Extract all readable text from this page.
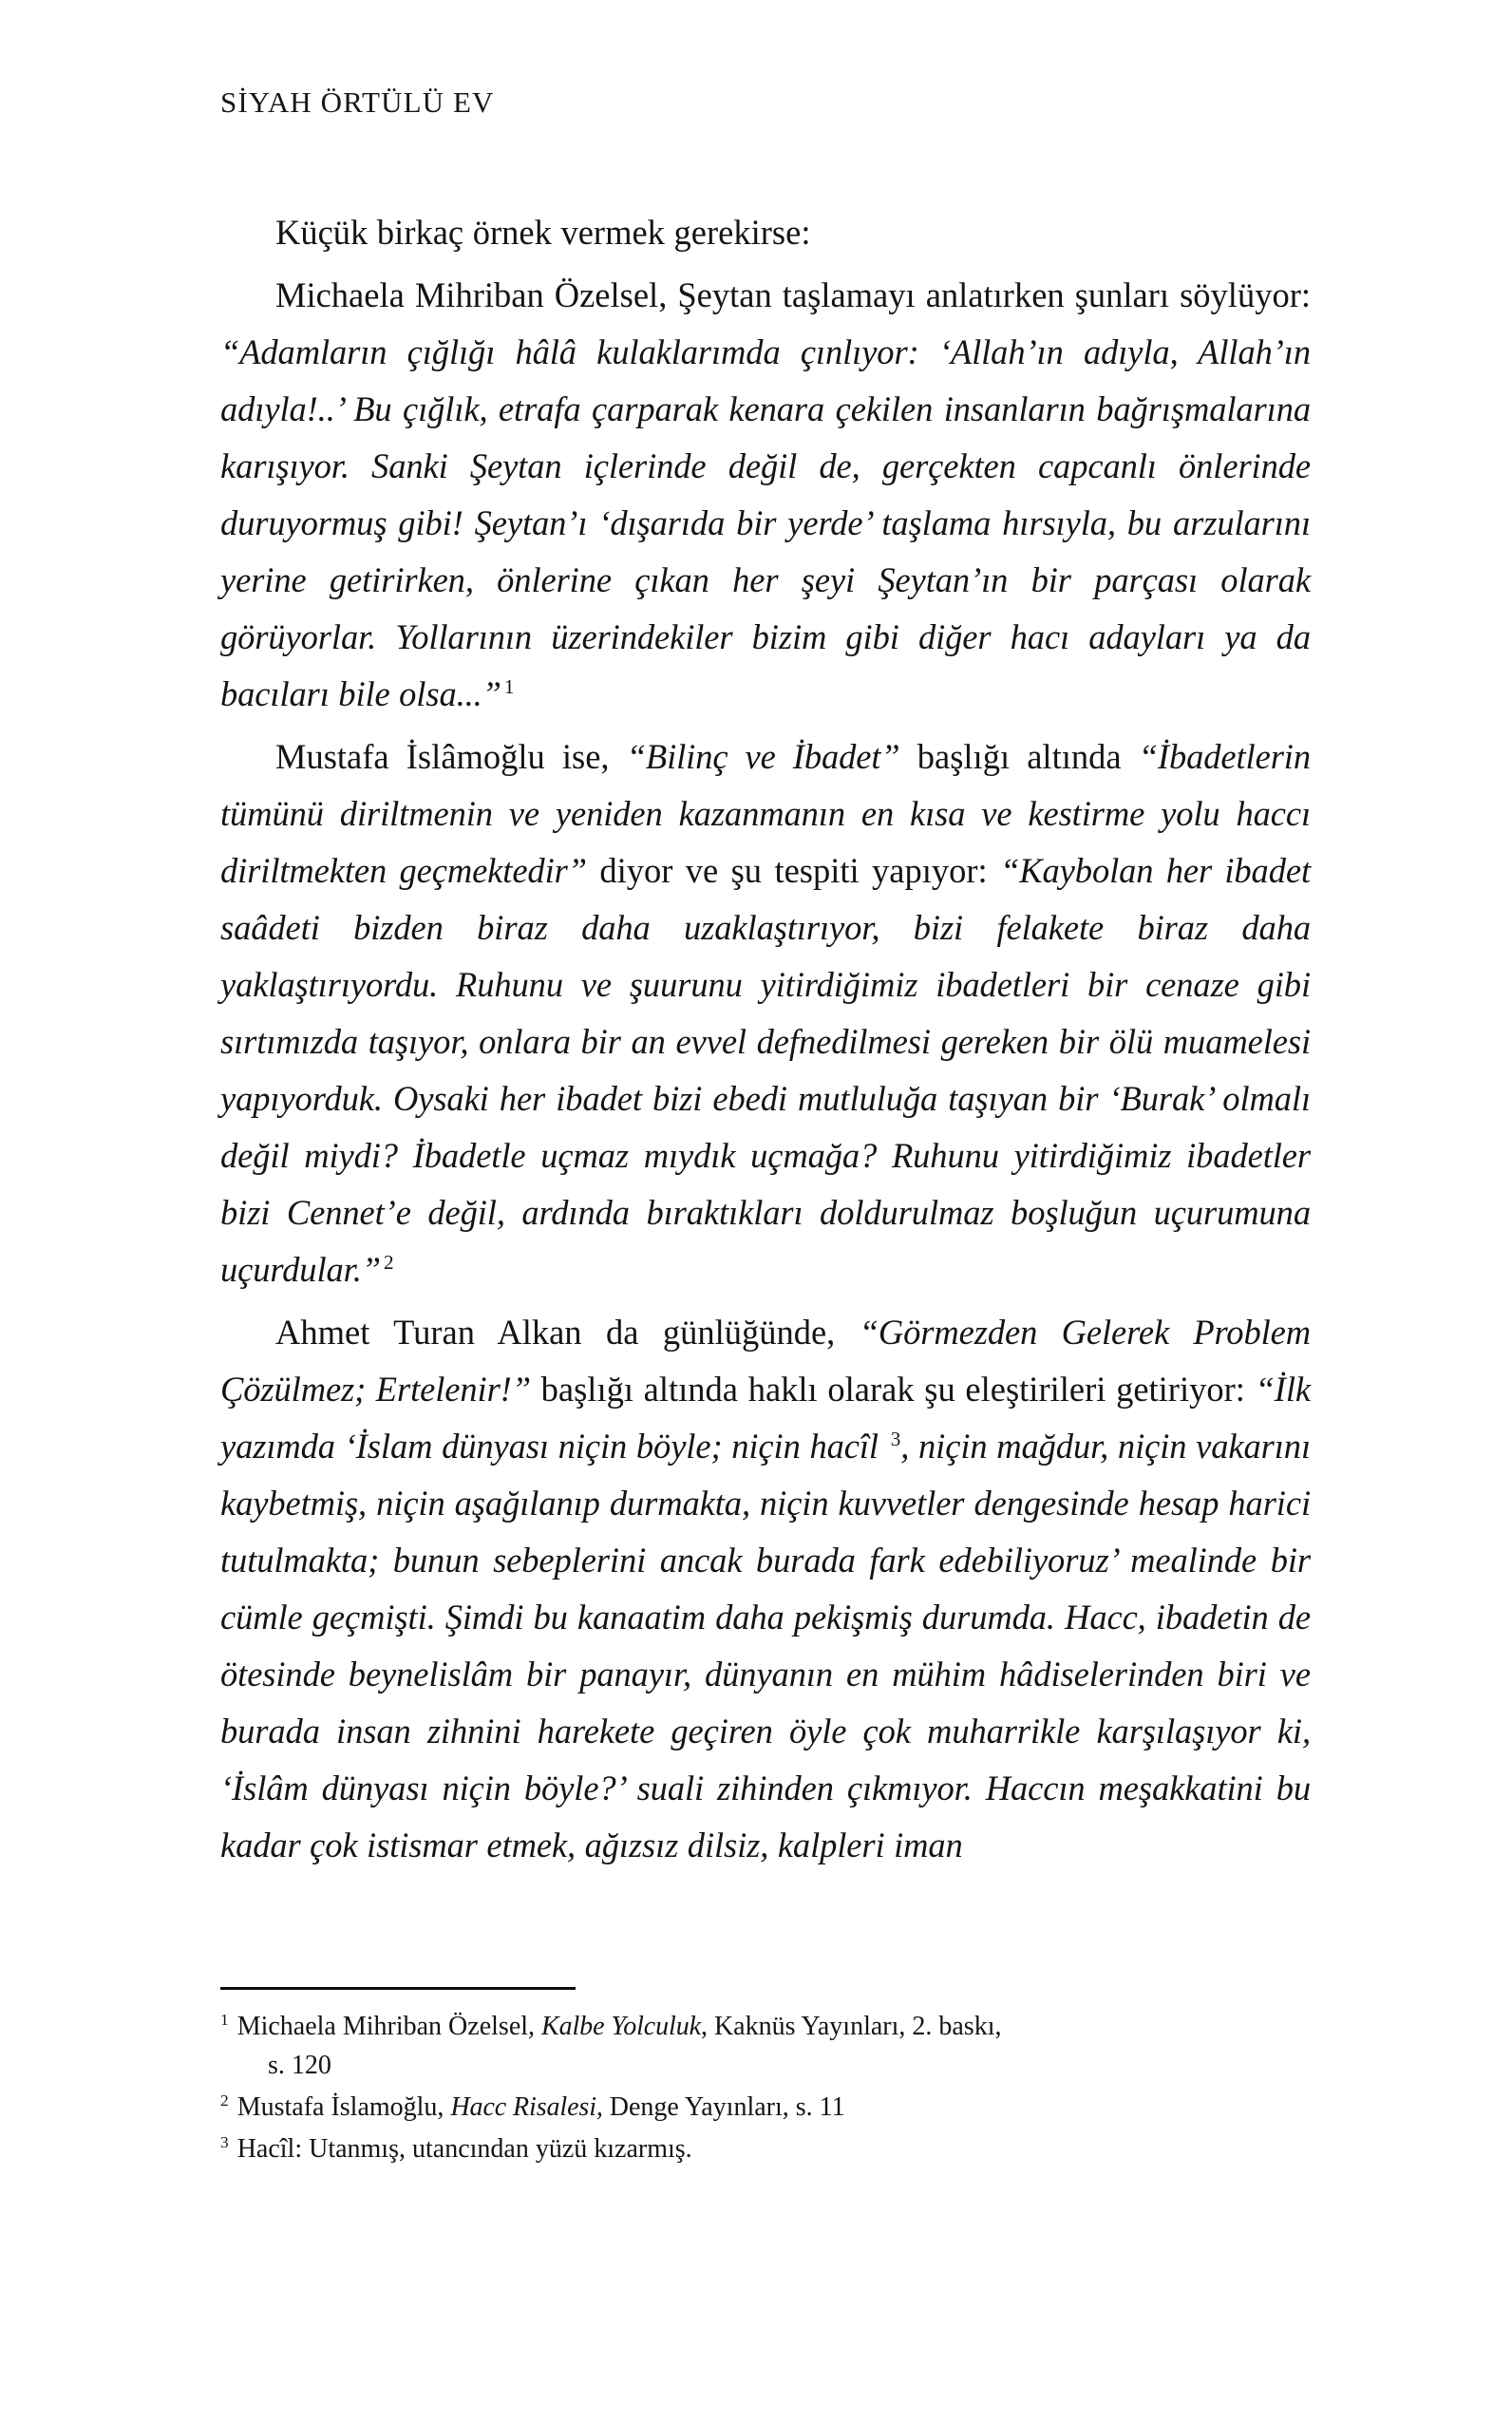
SİYAH ÖRTÜLÜ EV

Küçük birkaç örnek vermek gerekirse:

Michaela Mihriban Özelsel, Şeytan taşlamayı anlatırken şunları söylüyor: “Adamların çığlığı hâlâ kulaklarımda çınlıyor: ‘Allah’ın adıyla, Allah’ın adıyla!..’ Bu çığlık, etrafa çarparak kenara çekilen insanların bağrışmalarına karışıyor. Sanki Şeytan içlerinde değil de, gerçekten capcanlı önlerinde duruyormuş gibi! Şeytan’ı ‘dışarıda bir yerde’ taşlama hırsıyla, bu arzularını yerine getirirken, önlerine çıkan her şeyi Şeytan’ın bir parçası olarak görüyorlar. Yollarının üzerindekiler bizim gibi diğer hacı adayları ya da bacıları bile olsa...” $^1$

Mustafa İslâmoğlu ise, “Bilinç ve İbadet” başlığı altında “İbadetlerin tümünü diriltmenin ve yeniden kazanmanın en kısa ve kestirme yolu haccı diriltmekten geçmektedir” diyor ve şu tespiti yapıyor: “Kaybolan her ibadet saâdeti bizden biraz daha uzaklaştırıyor, bizi felakete biraz daha yaklaştırıyordu. Ruhunu ve şuurunu yitirdiğimiz ibadetleri bir cenaze gibi sırtımızda taşıyor, onlara bir an evvel defnedilmesi gereken bir ölü muamelesi yapıyorduk. Oysaki her ibadet bizi ebedi mutluluğa taşıyan bir ‘Burak’ olmalı değil miydi? İbadetle uçmaz mıydık uçmağa? Ruhunu yitirdiğimiz ibadetler bizi Cennet’e değil, ardında bıraktıkları doldurulmaz boşluğun uçurumuna uçurdular.” $^2$

Ahmet Turan Alkan da günlüğünde, “Görmezden Gelerek Problem Çözülmez; Ertelenir!” başlığı altında haklı olarak şu eleştirileri getiriyor: “İlk yazımda ‘İslam dünyası niçin böyle; niçin hacîl $^3$, niçin mağdur, niçin vakarını kaybetmiş, niçin aşağılanıp durmakta, niçin kuvvetler dengesinde hesap harici tutulmakta; bunun sebeplerini ancak burada fark edebiliyoruz’ mealinde bir cümle geçmişti. Şimdi bu kanaatim daha pekişmiş durumda. Hacc, ibadetin de ötesinde beynelislâm bir panayır, dünyanın en mühim hâdiselerinden biri ve burada insan zihnini harekete geçiren öyle çok muharrikle karşılaşıyor ki, ‘İslâm dünyası niçin böyle?’ suali zihinden çıkmıyor. Haccın meşakkatini bu kadar çok istismar etmek, ağızsız dilsiz, kalpleri iman

1 Michaela Mihriban Özelsel, Kalbe Yolculuk, Kaknüs Yayınları, 2. baskı,
s. 120
2 Mustafa İslamoğlu, Hacc Risalesi, Denge Yayınları, s. 11
3 Hacîl: Utanmış, utancından yüzü kızarmış.
